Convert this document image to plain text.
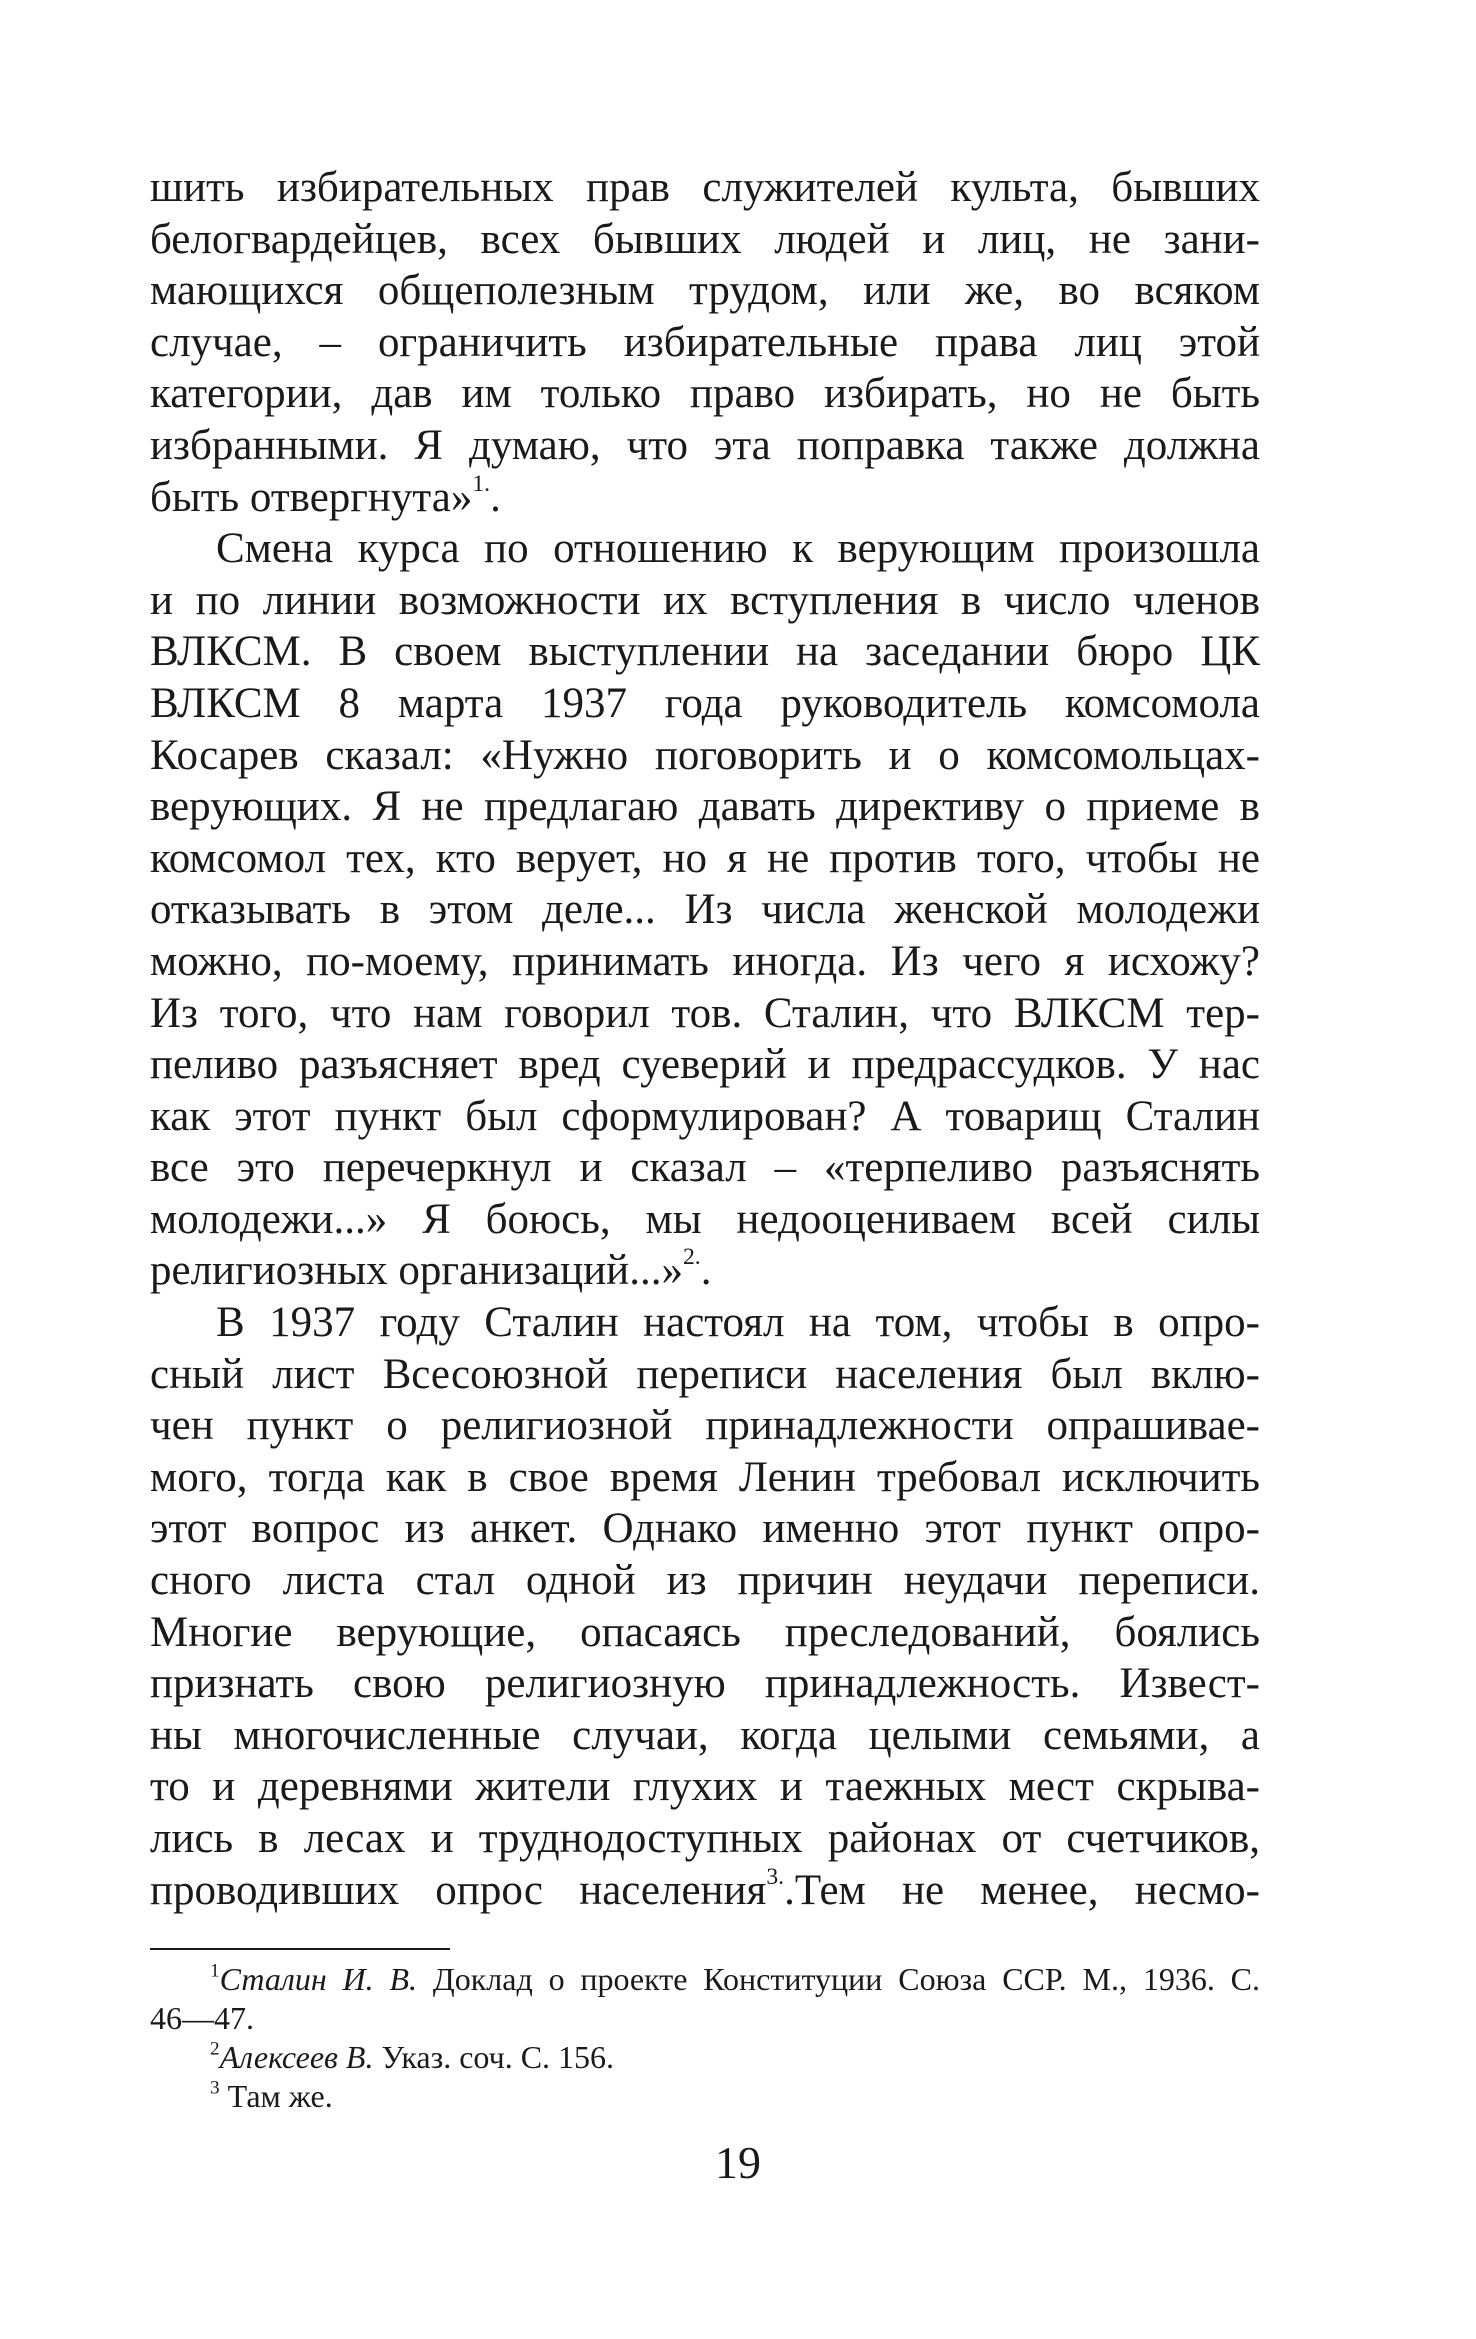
шить избирательных прав служителей культа, бывших
белогвардейцев, всех бывших людей и лиц, не зани-
мающихся общеполезным трудом, или же, во всяком
случае, – ограничить избирательные права лиц этой
категории, дав им только право избирать, но не быть
избранными. Я думаю, что эта поправка также должна
быть отвергнута»$^{1.}$.
Смена курса по отношению к верующим произошла
и по линии возможности их вступления в число членов
ВЛКСМ. В своем выступлении на заседании бюро ЦК
ВЛКСМ 8 марта 1937 года руководитель комсомола
Косарев сказал: «Нужно поговорить и о комсомольцах-
верующих. Я не предлагаю давать директиву о приеме в
комсомол тех, кто верует, но я не против того, чтобы не
отказывать в этом деле... Из числа женской молодежи
можно, по-моему, принимать иногда. Из чего я исхожу?
Из того, что нам говорил тов. Сталин, что ВЛКСМ тер-
пеливо разъясняет вред суеверий и предрассудков. У нас
как этот пункт был сформулирован? А товарищ Сталин
все это перечеркнул и сказал – «терпеливо разъяснять
молодежи...» Я боюсь, мы недооцениваем всей силы
религиозных организаций...»$^{2.}$.
В 1937 году Сталин настоял на том, чтобы в опро-
сный лист Всесоюзной переписи населения был вклю-
чен пункт о религиозной принадлежности опрашивае-
мого, тогда как в свое время Ленин требовал исключить
этот вопрос из анкет. Однако именно этот пункт опро-
сного листа стал одной из причин неудачи переписи.
Многие верующие, опасаясь преследований, боялись
признать свою религиозную принадлежность. Извест-
ны многочисленные случаи, когда целыми семьями, а
то и деревнями жители глухих и таежных мест скрыва-
лись в лесах и труднодоступных районах от счетчиков,
проводивших опрос населения$^{3.}$.Тем не менее, несмо-
$^1$Сталин И. В. Доклад о проекте Конституции Союза ССР. М., 1936. С.
46—47.
$^2$Алексеев В. Указ. соч. С. 156.
$^3$ Там же.
19
